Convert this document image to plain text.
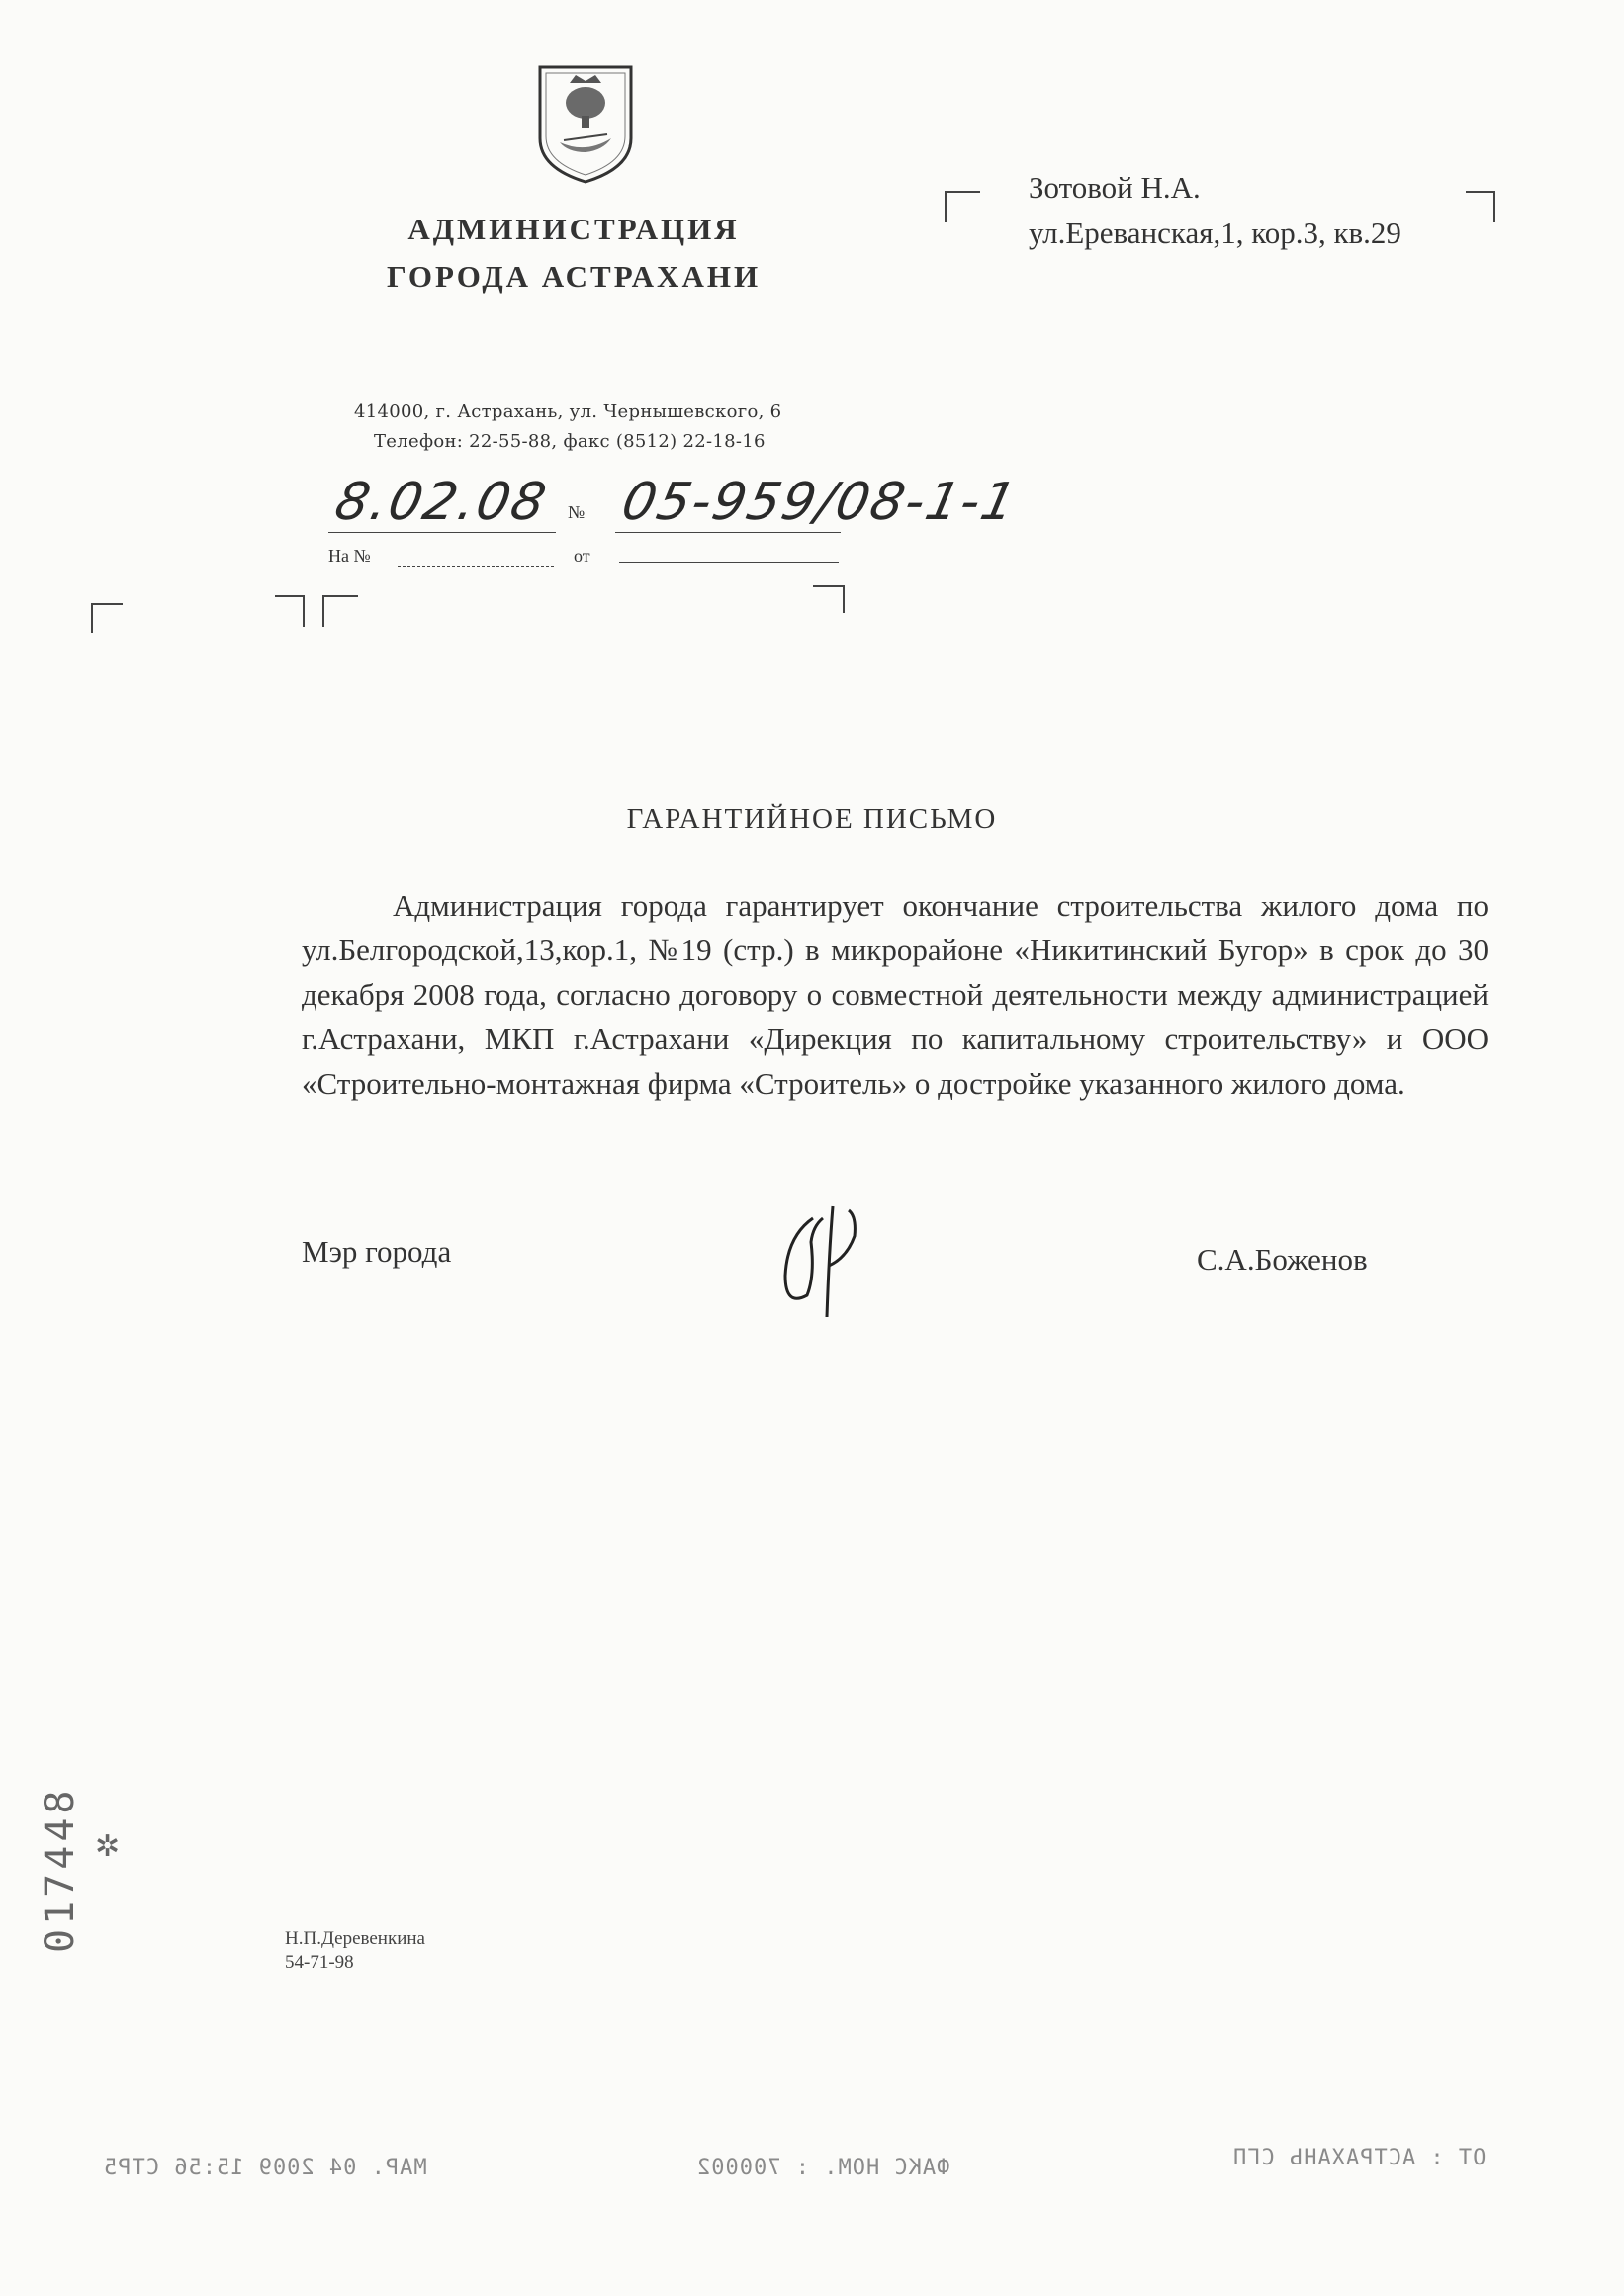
АДМИНИСТРАЦИЯ
ГОРОДА АСТРАХАНИ
414000, г. Астрахань, ул. Чернышевского, 6
Телефон: 22-55-88, факс (8512) 22-18-16
8.02.08 № 05-959/08-1-1
На №	от
Зотовой Н.А.
ул.Ереванская,1, кор.3, кв.29
ГАРАНТИЙНОЕ ПИСЬМО

Администрация города гарантирует окончание строительства жилого дома по ул.Белгородской,13,кор.1, №19 (стр.) в микрорайоне «Никитинский Бугор» в срок до 30 декабря 2008 года, согласно договору о совместной деятельности между администрацией г.Астрахани, МКП г.Астрахани «Дирекция по капитальному строительству» и ООО «Строительно-монтажная фирма «Строитель» о достройке указанного жилого дома.

Мэр города	С.А.Боженов
017448 ✲
Н.П.Деревенкина
54-71-98
МАР. 04 2009 15:56 СТР5	ФАКС НОМ. : 700002	ОТ : АСТРАХАНЬ СГП
